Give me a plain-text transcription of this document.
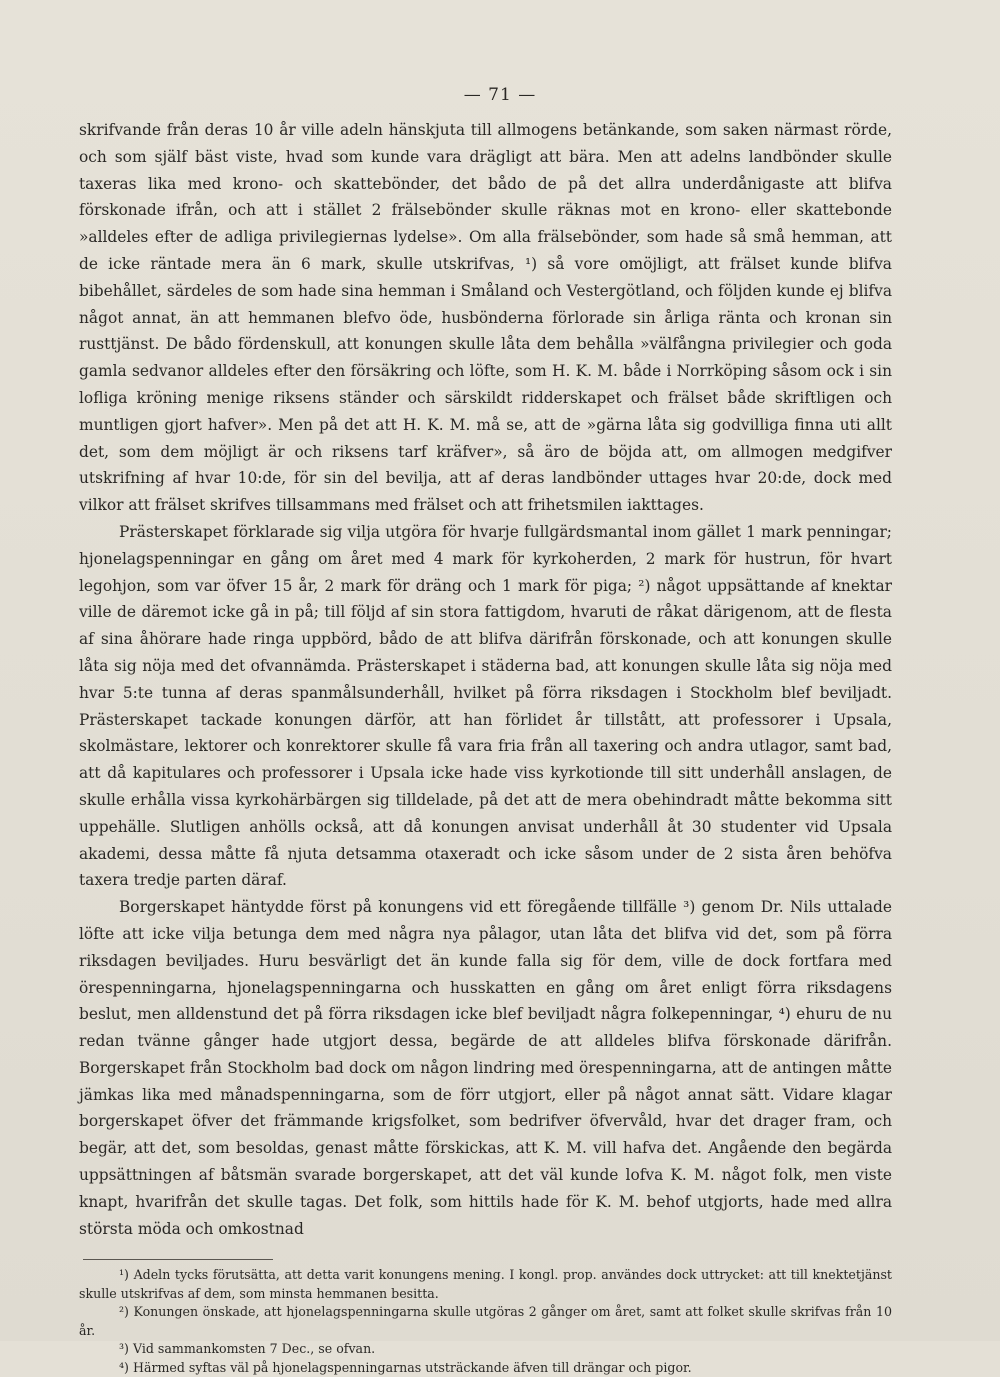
— 71 —

skrifvande från deras 10 år ville adeln hänskjuta till allmogens betänkande, som saken närmast rörde, och som själf bäst viste, hvad som kunde vara drägligt att bära. Men att adelns landbönder skulle taxeras lika med krono- och skattebönder, det bådo de på det allra underdånigaste att blifva förskonade ifrån, och att i stället 2 frälsebönder skulle räknas mot en krono- eller skattebonde »alldeles efter de adliga privilegiernas lydelse». Om alla frälsebönder, som hade så små hemman, att de icke räntade mera än 6 mark, skulle utskrifvas, ¹) så vore omöjligt, att frälset kunde blifva bibehållet, särdeles de som hade sina hemman i Småland och Vestergötland, och följden kunde ej blifva något annat, än att hemmanen blefvo öde, husbönderna förlorade sin årliga ränta och kronan sin rusttjänst. De bådo fördenskull, att konungen skulle låta dem behålla »välfångna privilegier och goda gamla sedvanor alldeles efter den försäkring och löfte, som H. K. M. både i Norrköping såsom ock i sin lofliga kröning menige riksens ständer och särskildt ridderskapet och frälset både skriftligen och muntligen gjort hafver». Men på det att H. K. M. må se, att de »gärna låta sig godvilliga finna uti allt det, som dem möjligt är och riksens tarf kräfver», så äro de böjda att, om allmogen medgifver utskrifning af hvar 10:de, för sin del bevilja, att af deras landbönder uttages hvar 20:de, dock med vilkor att frälset skrifves tillsammans med frälset och att frihetsmilen iakttages.

Prästerskapet förklarade sig vilja utgöra för hvarje fullgärdsmantal inom gället 1 mark penningar; hjonelagspenningar en gång om året med 4 mark för kyrkoherden, 2 mark för hustrun, för hvart legohjon, som var öfver 15 år, 2 mark för dräng och 1 mark för piga; ²) något uppsättande af knektar ville de däremot icke gå in på; till följd af sin stora fattigdom, hvaruti de råkat därigenom, att de flesta af sina åhörare hade ringa uppbörd, bådo de att blifva därifrån förskonade, och att konungen skulle låta sig nöja med det ofvannämda. Prästerskapet i städerna bad, att konungen skulle låta sig nöja med hvar 5:te tunna af deras spanmålsunderhåll, hvilket på förra riksdagen i Stockholm blef beviljadt. Prästerskapet tackade konungen därför, att han förlidet år tillstått, att professorer i Upsala, skolmästare, lektorer och konrektorer skulle få vara fria från all taxering och andra utlagor, samt bad, att då kapitulares och professorer i Upsala icke hade viss kyrkotionde till sitt underhåll anslagen, de skulle erhålla vissa kyrkohärbärgen sig tilldelade, på det att de mera obehindradt måtte bekomma sitt uppehälle. Slutligen anhölls också, att då konungen anvisat underhåll åt 30 studenter vid Upsala akademi, dessa måtte få njuta detsamma otaxeradt och icke såsom under de 2 sista åren behöfva taxera tredje parten däraf.

Borgerskapet häntydde först på konungens vid ett föregående tillfälle ³) genom Dr. Nils uttalade löfte att icke vilja betunga dem med några nya pålagor, utan låta det blifva vid det, som på förra riksdagen beviljades. Huru besvärligt det än kunde falla sig för dem, ville de dock fortfara med örespenningarna, hjonelagspenningarna och husskatten en gång om året enligt förra riksdagens beslut, men alldenstund det på förra riksdagen icke blef beviljadt några folkepenningar, ⁴) ehuru de nu redan tvänne gånger hade utgjort dessa, begärde de att alldeles blifva förskonade därifrån. Borgerskapet från Stockholm bad dock om någon lindring med örespenningarna, att de antingen måtte jämkas lika med månadspenningarna, som de förr utgjort, eller på något annat sätt. Vidare klagar borgerskapet öfver det främmande krigsfolket, som bedrifver öfvervåld, hvar det drager fram, och begär, att det, som besoldas, genast måtte förskickas, att K. M. vill hafva det. Angående den begärda uppsättningen af båtsmän svarade borgerskapet, att det väl kunde lofva K. M. något folk, men viste knapt, hvarifrån det skulle tagas. Det folk, som hittils hade för K. M. behof utgjorts, hade med allra största möda och omkostnad

¹) Adeln tycks förutsätta, att detta varit konungens mening. I kongl. prop. användes dock uttrycket: att till knektetjänst skulle utskrifvas af dem, som minsta hemmanen besitta.

²) Konungen önskade, att hjonelagspenningarna skulle utgöras 2 gånger om året, samt att folket skulle skrifvas från 10 år.

³) Vid sammankomsten 7 Dec., se ofvan.

⁴) Härmed syftas väl på hjonelagspenningarnas utsträckande äfven till drängar och pigor.
